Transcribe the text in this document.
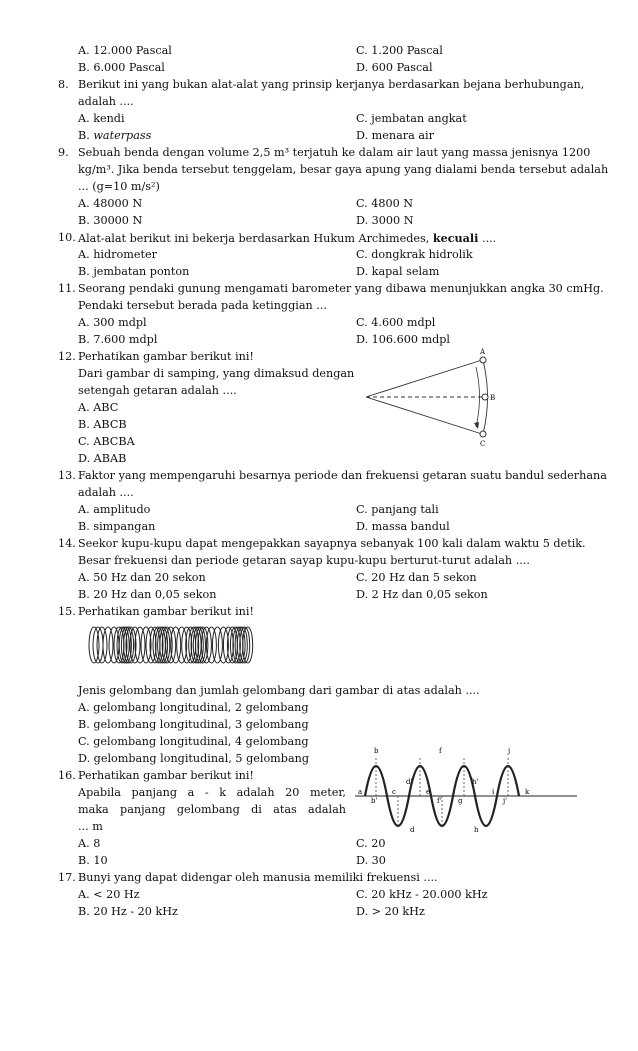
A. 12.000 Pascal	C. 1.200 Pascal
B. 6.000 Pascal	D. 600 Pascal
8. Berikut ini yang bukan alat-alat yang prinsip kerjanya berdasarkan bejana berhubungan,
adalah ....
A. kendi	C. jembatan angkat
B. waterpass	D. menara air
9. Sebuah benda dengan volume 2,5 m³ terjatuh ke dalam air laut yang massa jenisnya 1200
kg/m³. Jika benda tersebut tenggelam, besar gaya apung yang dialami benda tersebut adalah
... (g=10 m/s²)
A. 48000 N	C. 4800 N
B. 30000 N	D. 3000 N
10. Alat-alat berikut ini bekerja berdasarkan Hukum Archimedes, kecuali ....
A. hidrometer	C. dongkrak hidrolik
B. jembatan ponton	D. kapal selam
11. Seorang pendaki gunung mengamati barometer yang dibawa menunjukkan angka 30 cmHg.
Pendaki tersebut berada pada ketinggian ...
A. 300 mdpl	C. 4.600 mdpl
B. 7.600 mdpl	D. 106.600 mdpl
12. Perhatikan gambar berikut ini!
Dari gambar di samping, yang dimaksud dengan
setengah getaran adalah ....
A. ABC
B. ABCB
C. ABCBA
D. ABAB
A
B
C
13. Faktor yang mempengaruhi besarnya periode dan frekuensi getaran suatu bandul sederhana
adalah ....
A. amplitudo	C. panjang tali
B. simpangan	D. massa bandul
14. Seekor kupu-kupu dapat mengepakkan sayapnya sebanyak 100 kali dalam waktu 5 detik.
Besar frekuensi dan periode getaran sayap kupu-kupu berturut-turut adalah ....
A. 50 Hz dan 20 sekon	C. 20 Hz dan 5 sekon
B. 20 Hz dan 0,05 sekon	D. 2 Hz dan 0,05 sekon
15. Perhatikan gambar berikut ini!
Jenis gelombang dan jumlah gelombang dari gambar di atas adalah ....
A. gelombang longitudinal, 2 gelombang
B. gelombang longitudinal, 3 gelombang
C. gelombang longitudinal, 4 gelombang
D. gelombang longitudinal, 5 gelombang
16. Perhatikan gambar berikut ini!
Apabila panjang a - k adalah 20 meter,
maka panjang gelombang di atas adalah
... m
A. 8	C. 20
B. 10	D. 30
b	f	j
d'	h'
a
b'
c	e
f' g
i
j'
k
d	h
17. Bunyi yang dapat didengar oleh manusia memiliki frekuensi ....
A. < 20 Hz	C. 20 kHz - 20.000 kHz
B. 20 Hz - 20 kHz	D. > 20 kHz
